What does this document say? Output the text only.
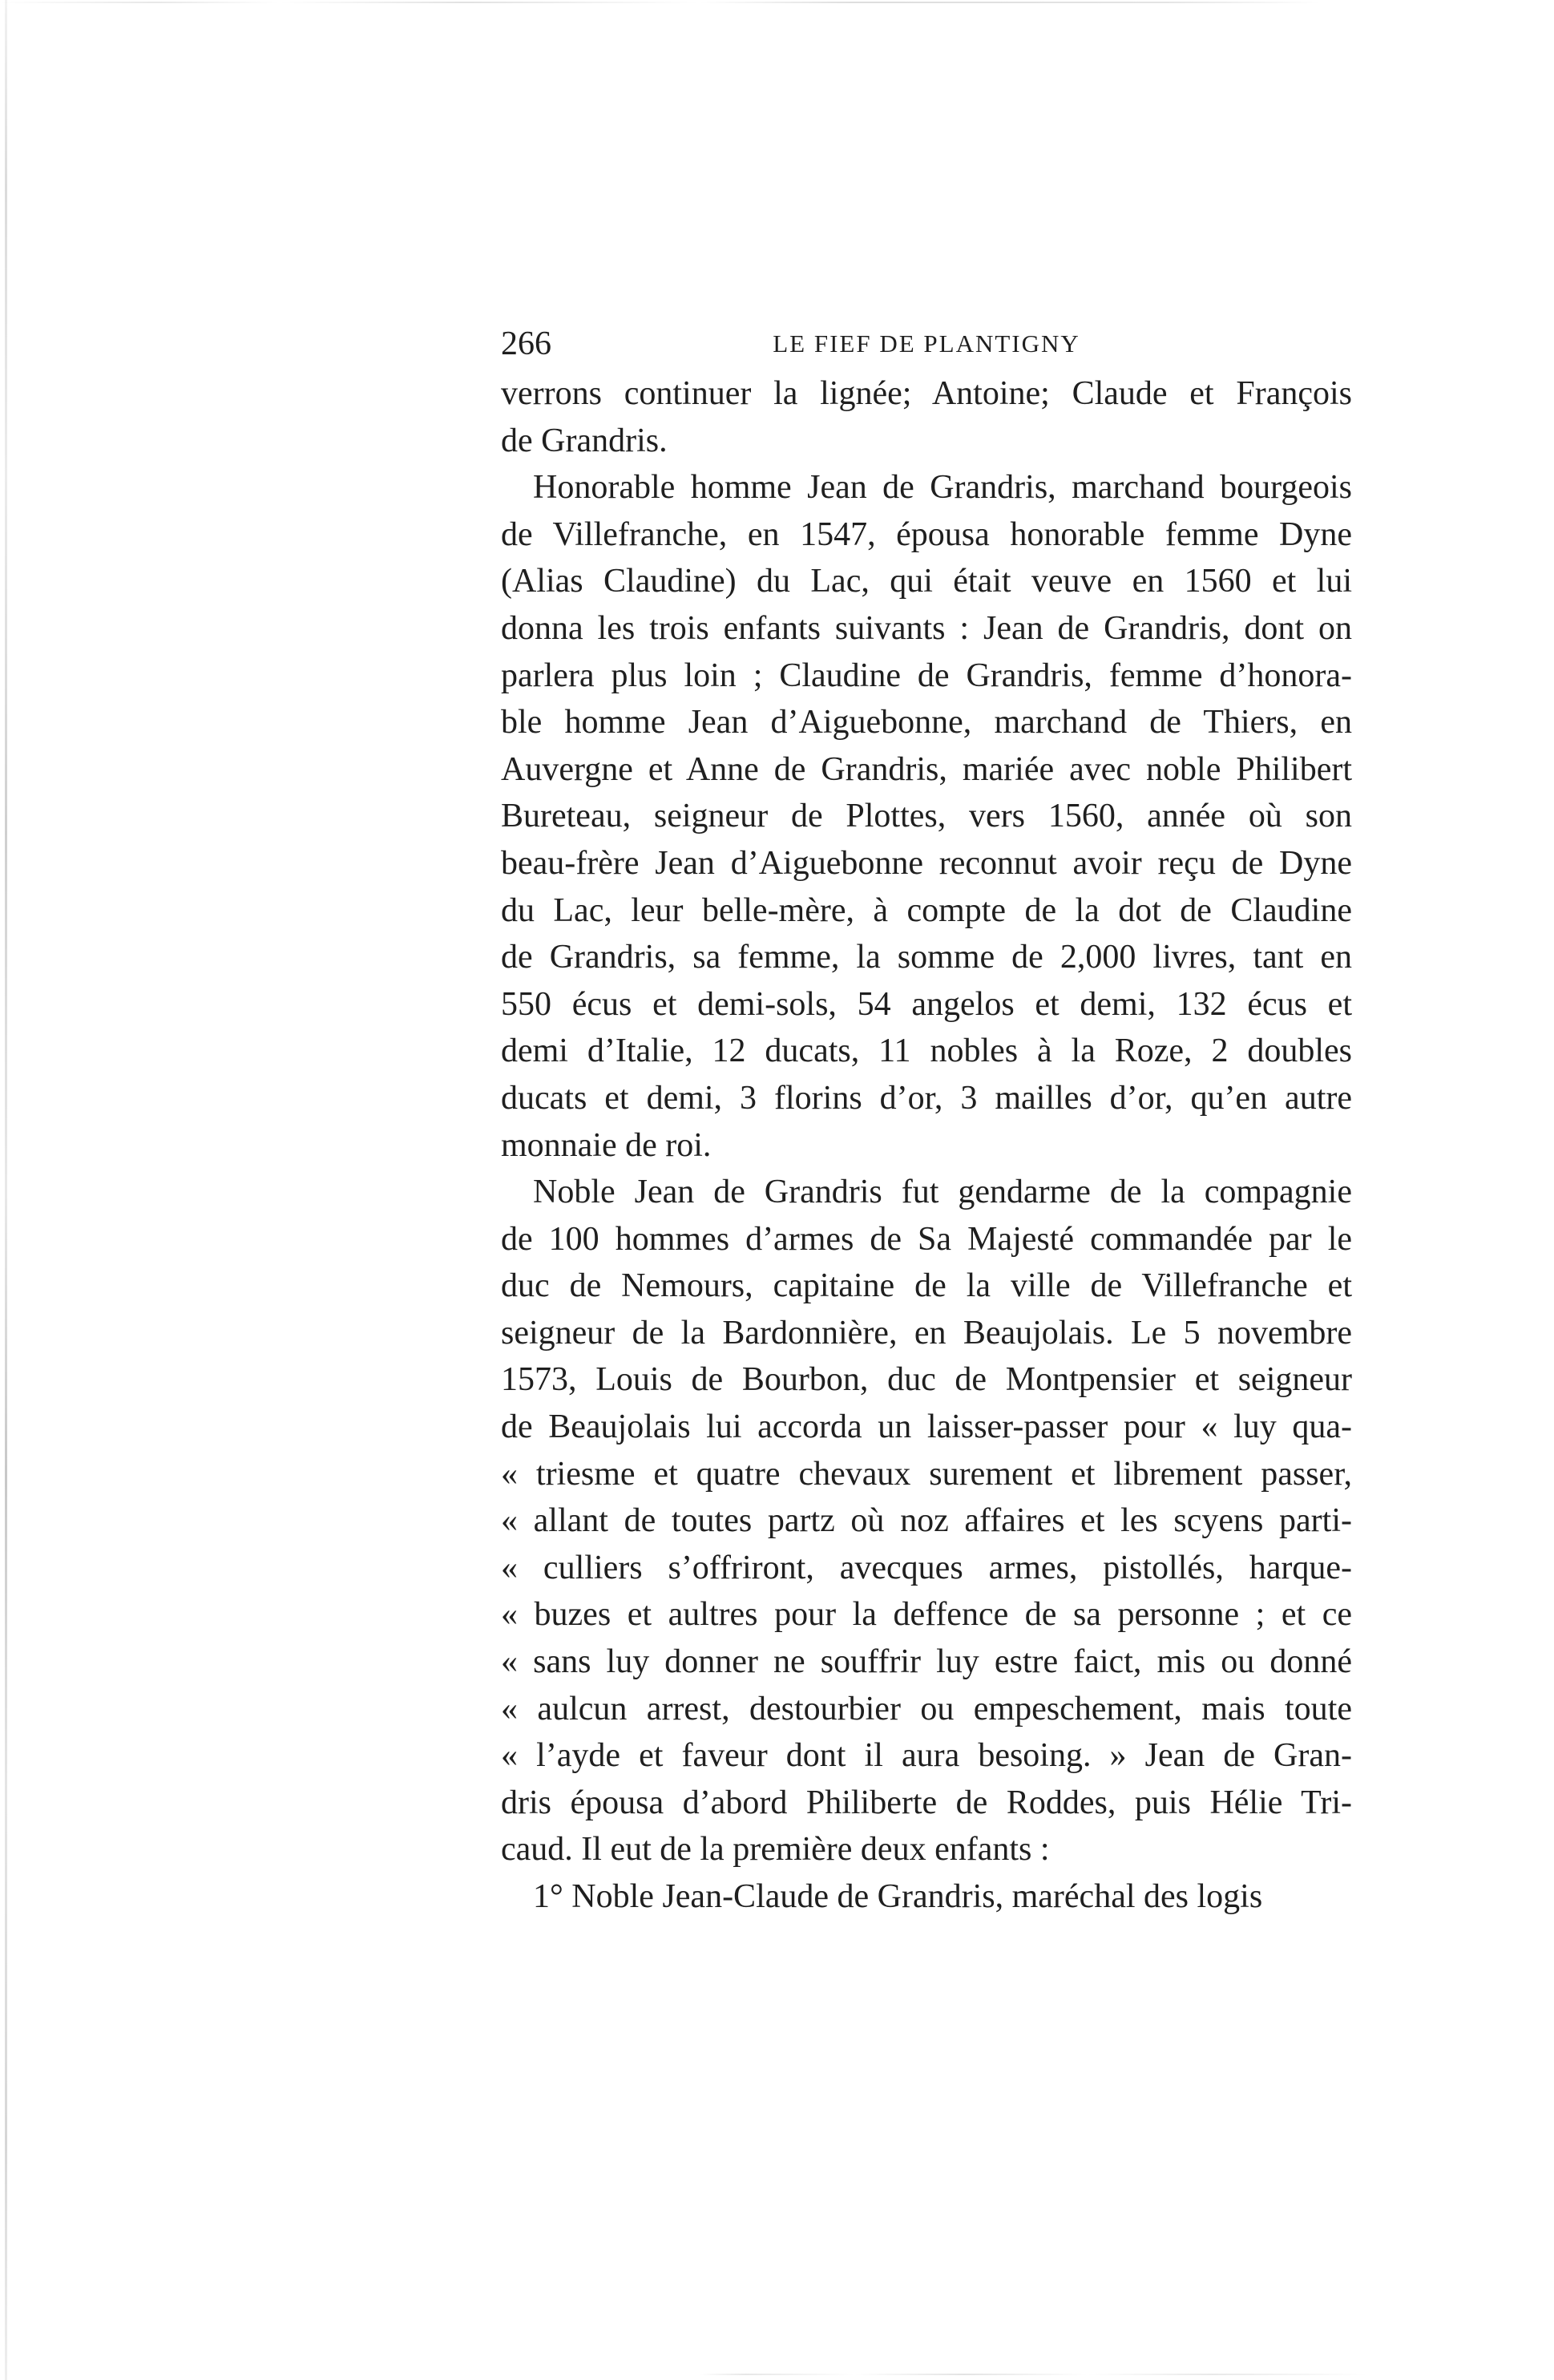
266	LE FIEF DE PLANTIGNY

verrons continuer la lignée; Antoine; Claude et François
de Grandris.

Honorable homme Jean de Grandris, marchand bourgeois
de Villefranche, en 1547, épousa honorable femme Dyne
(Alias Claudine) du Lac, qui était veuve en 1560 et lui
donna les trois enfants suivants : Jean de Grandris, dont on
parlera plus loin ; Claudine de Grandris, femme d’honora-
ble homme Jean d’Aiguebonne, marchand de Thiers, en
Auvergne et Anne de Grandris, mariée avec noble Philibert
Bureteau, seigneur de Plottes, vers 1560, année où son
beau-frère Jean d’Aiguebonne reconnut avoir reçu de Dyne
du Lac, leur belle-mère, à compte de la dot de Claudine
de Grandris, sa femme, la somme de 2,000 livres, tant en
550 écus et demi-sols, 54 angelos et demi, 132 écus et
demi d’Italie, 12 ducats, 11 nobles à la Roze, 2 doubles
ducats et demi, 3 florins d’or, 3 mailles d’or, qu’en autre
monnaie de roi.

Noble Jean de Grandris fut gendarme de la compagnie
de 100 hommes d’armes de Sa Majesté commandée par le
duc de Nemours, capitaine de la ville de Villefranche et
seigneur de la Bardonnière, en Beaujolais. Le 5 novembre
1573, Louis de Bourbon, duc de Montpensier et seigneur
de Beaujolais lui accorda un laisser-passer pour « luy qua-
« triesme et quatre chevaux surement et librement passer,
« allant de toutes partz où noz affaires et les scyens parti-
« culliers s’offriront, avecques armes, pistollés, harque-
« buzes et aultres pour la deffence de sa personne ; et ce
« sans luy donner ne souffrir luy estre faict, mis ou donné
« aulcun arrest, destourbier ou empeschement, mais toute
« l’ayde et faveur dont il aura besoing. » Jean de Gran-
dris épousa d’abord Philiberte de Roddes, puis Hélie Tri-
caud. Il eut de la première deux enfants :

1° Noble Jean-Claude de Grandris, maréchal des logis
